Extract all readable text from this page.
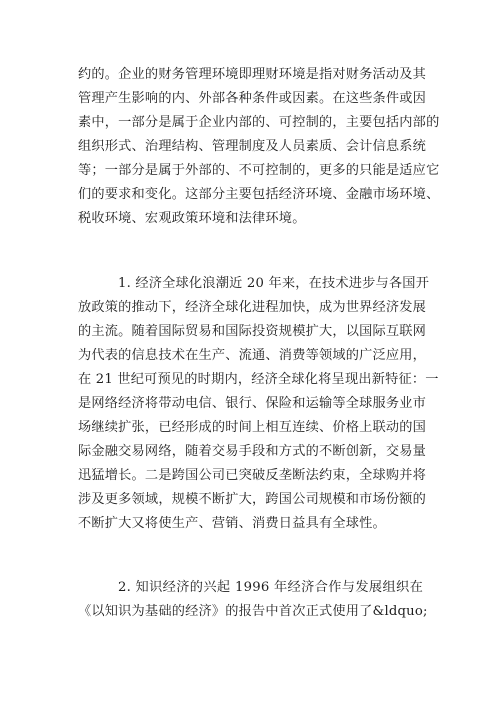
约的。企业的财务管理环境即理财环境是指对财务活动及其
管理产生影响的内、外部各种条件或因素。在这些条件或因
素中，一部分是属于企业内部的、可控制的，主要包括内部的
组织形式、治理结构、管理制度及人员素质、会计信息系统
等；一部分是属于外部的、不可控制的，更多的只能是适应它
们的要求和变化。这部分主要包括经济环境、金融市场环境、
税收环境、宏观政策环境和法律环境。
1. 经济全球化浪潮近 20 年来，在技术进步与各国开
放政策的推动下，经济全球化进程加快，成为世界经济发展
的主流。随着国际贸易和国际投资规模扩大，以国际互联网
为代表的信息技术在生产、流通、消费等领域的广泛应用，
在 21 世纪可预见的时期内，经济全球化将呈现出新特征：一
是网络经济将带动电信、银行、保险和运输等全球服务业市
场继续扩张，已经形成的时间上相互连续、价格上联动的国
际金融交易网络，随着交易手段和方式的不断创新，交易量
迅猛增长。二是跨国公司已突破反垄断法约束，全球购并将
涉及更多领域，规模不断扩大，跨国公司规模和市场份额的
不断扩大又将使生产、营销、消费日益具有全球性。
2. 知识经济的兴起 1996 年经济合作与发展组织在
《以知识为基础的经济》的报告中首次正式使用了&ldquo;
